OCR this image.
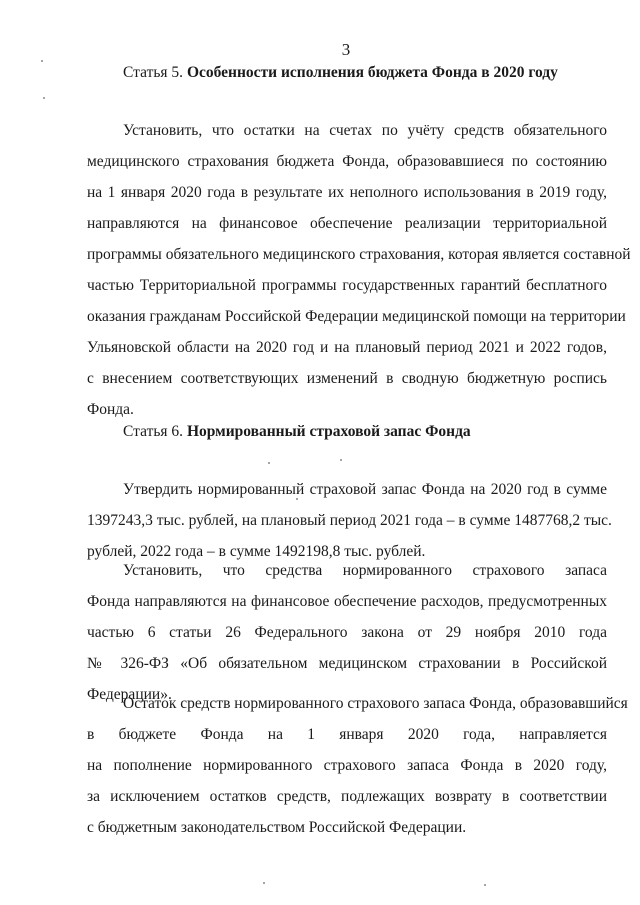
3
Статья 5. Особенности исполнения бюджета Фонда в 2020 году
Установить, что остатки на счетах по учёту средств обязательного
медицинского страхования бюджета Фонда, образовавшиеся по состоянию
на 1 января 2020 года в результате их неполного использования в 2019 году,
направляются на финансовое обеспечение реализации территориальной
программы обязательного медицинского страхования, которая является составной
частью Территориальной программы государственных гарантий бесплатного
оказания гражданам Российской Федерации медицинской помощи на территории
Ульяновской области на 2020 год и на плановый период 2021 и 2022 годов,
с внесением соответствующих изменений в сводную бюджетную роспись
Фонда.
Статья 6. Нормированный страховой запас Фонда
Утвердить нормированный страховой запас Фонда на 2020 год в сумме
1397243,3 тыс. рублей, на плановый период 2021 года – в сумме 1487768,2 тыс.
рублей, 2022 года – в сумме 1492198,8 тыс. рублей.
Установить, что средства нормированного страхового запаса
Фонда направляются на финансовое обеспечение расходов, предусмотренных
частью 6 статьи 26 Федерального закона от 29 ноября 2010 года
№ 326-ФЗ «Об обязательном медицинском страховании в Российской
Федерации».
Остаток средств нормированного страхового запаса Фонда, образовавшийся
в бюджете Фонда на 1 января 2020 года, направляется
на пополнение нормированного страхового запаса Фонда в 2020 году,
за исключением остатков средств, подлежащих возврату в соответствии
с бюджетным законодательством Российской Федерации.
